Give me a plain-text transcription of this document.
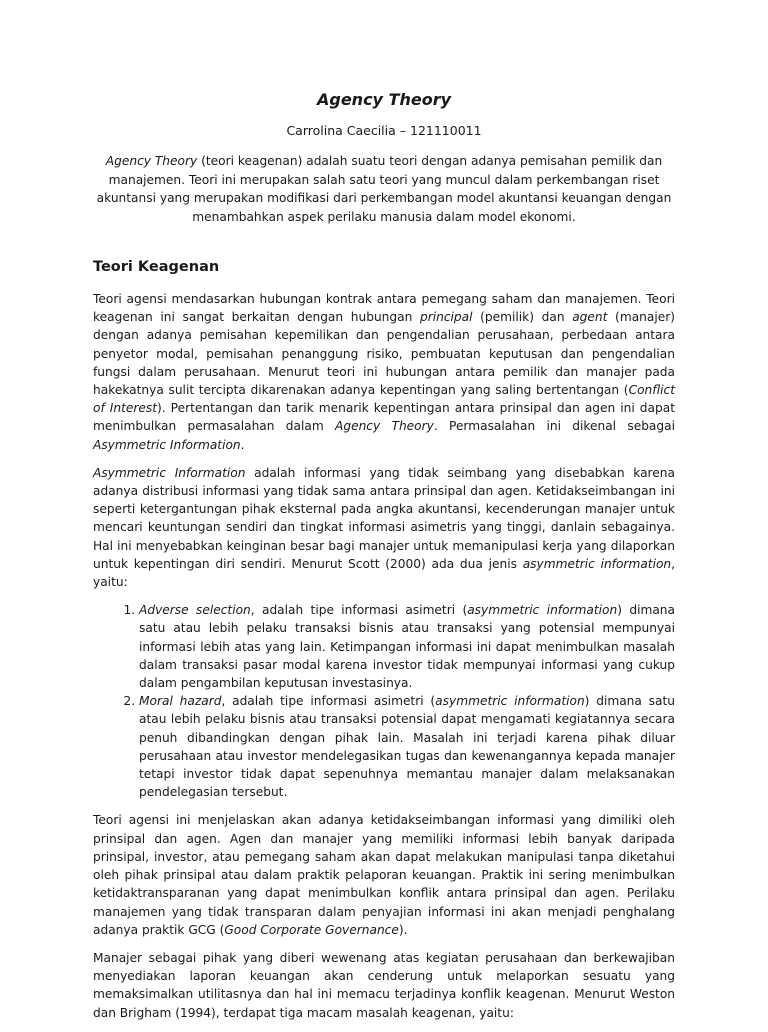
Agency Theory
Carrolina Caecilia – 121110011

Agency Theory (teori keagenan) adalah suatu teori dengan adanya pemisahan pemilik dan manajemen. Teori ini merupakan salah satu teori yang muncul dalam perkembangan riset akuntansi yang merupakan modifikasi dari perkembangan model akuntansi keuangan dengan menambahkan aspek perilaku manusia dalam model ekonomi.

Teori Keagenan

Teori agensi mendasarkan hubungan kontrak antara pemegang saham dan manajemen. Teori keagenan ini sangat berkaitan dengan hubungan principal (pemilik) dan agent (manajer) dengan adanya pemisahan kepemilikan dan pengendalian perusahaan, perbedaan antara penyetor modal, pemisahan penanggung risiko, pembuatan keputusan dan pengendalian fungsi dalam perusahaan. Menurut teori ini hubungan antara pemilik dan manajer pada hakekatnya sulit tercipta dikarenakan adanya kepentingan yang saling bertentangan (Conflict of Interest). Pertentangan dan tarik menarik kepentingan antara prinsipal dan agen ini dapat menimbulkan permasalahan dalam Agency Theory. Permasalahan ini dikenal sebagai Asymmetric Information.

Asymmetric Information adalah informasi yang tidak seimbang yang disebabkan karena adanya distribusi informasi yang tidak sama antara prinsipal dan agen. Ketidakseimbangan ini seperti ketergantungan pihak eksternal pada angka akuntansi, kecenderungan manajer untuk mencari keuntungan sendiri dan tingkat informasi asimetris yang tinggi, danlain sebagainya. Hal ini menyebabkan keinginan besar bagi manajer untuk memanipulasi kerja yang dilaporkan untuk kepentingan diri sendiri. Menurut Scott (2000) ada dua jenis asymmetric information, yaitu:

1. Adverse selection, adalah tipe informasi asimetri (asymmetric information) dimana satu atau lebih pelaku transaksi bisnis atau transaksi yang potensial mempunyai informasi lebih atas yang lain. Ketimpangan informasi ini dapat menimbulkan masalah dalam transaksi pasar modal karena investor tidak mempunyai informasi yang cukup dalam pengambilan keputusan investasinya.
2. Moral hazard, adalah tipe informasi asimetri (asymmetric information) dimana satu atau lebih pelaku bisnis atau transaksi potensial dapat mengamati kegiatannya secara penuh dibandingkan dengan pihak lain. Masalah ini terjadi karena pihak diluar perusahaan atau investor mendelegasikan tugas dan kewenangannya kepada manajer tetapi investor tidak dapat sepenuhnya memantau manajer dalam melaksanakan pendelegasian tersebut.

Teori agensi ini menjelaskan akan adanya ketidakseimbangan informasi yang dimiliki oleh prinsipal dan agen. Agen dan manajer yang memiliki informasi lebih banyak daripada prinsipal, investor, atau pemegang saham akan dapat melakukan manipulasi tanpa diketahui oleh pihak prinsipal atau dalam praktik pelaporan keuangan. Praktik ini sering menimbulkan ketidaktransparanan yang dapat menimbulkan konflik antara prinsipal dan agen. Perilaku manajemen yang tidak transparan dalam penyajian informasi ini akan menjadi penghalang adanya praktik GCG (Good Corporate Governance).

Manajer sebagai pihak yang diberi wewenang atas kegiatan perusahaan dan berkewajiban menyediakan laporan keuangan akan cenderung untuk melaporkan sesuatu yang memaksimalkan utilitasnya dan hal ini memacu terjadinya konflik keagenan. Menurut Weston dan Brigham (1994), terdapat tiga macam masalah keagenan, yaitu:
